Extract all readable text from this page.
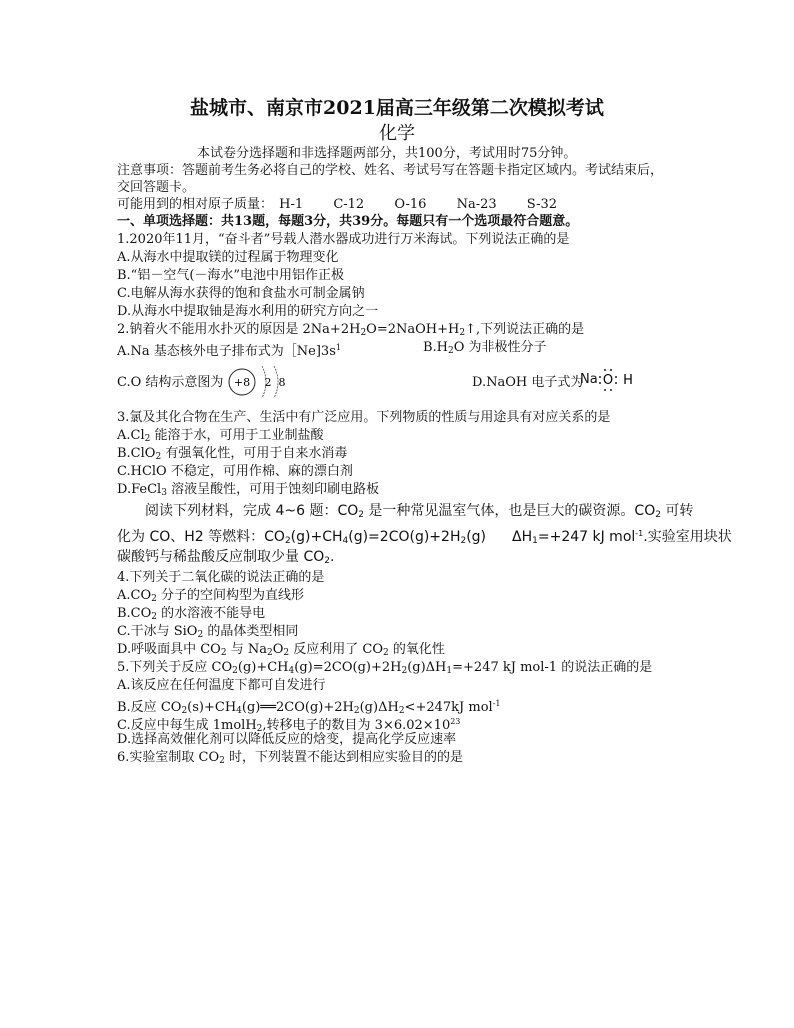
盐城市、南京市2021届高三年级第二次模拟考试
化学
本试卷分选择题和非选择题两部分，共100分，考试用时75分钟。
注意事项：答题前考生务必将自己的学校、姓名、考试号写在答题卡指定区域内。考试结束后，
交回答题卡。
可能用到的相对原子质量： H-1 C-12 O-16 Na-23 S-32
一、单项选择题：共13题，每题3分，共39分。每题只有一个选项最符合题意。
1.2020年11月，“奋斗者”号载人潜水器成功进行万米海试。下列说法正确的是
A.从海水中提取镁的过程属于物理变化
B.“铝－空气(－海水”电池中用铝作正极
C.电解从海水获得的饱和食盐水可制金属钠
D.从海水中提取铀是海水利用的研究方向之一
2.钠着火不能用水扑灭的原因是 $2Na+2H_2O=2NaOH+H_2↑$,下列说法正确的是
A.Na 基态核外电子排布式为$[Ne]3s^1$	$B.H_2O$ 为非极性分子
C.O 结构示意图为 +8 2 8	D.NaOH 电子式为
Na O H
3.氯及其化合物在生产、生活中有广泛应用。下列物质的性质与用途具有对应关系的是
$A.Cl_2$ 能溶于水，可用于工业制盐酸
B.ClO$_2$ 有强氧化性，可用于自来水消毒
C.HClO 不稳定，可用作棉、麻的漂白剂
D.FeCl$_3$ 溶液呈酸性，可用于蚀刻印刷电路板
阅读下列材料，完成 4~6 题：$CO_2$ 是一种常见温室气体，也是巨大的碳资源。$CO_2$ 可转
化为 CO、H2 等燃料：$CO_2(g)+CH_4(g)=2CO(g)+2H_2(g)$ $\Delta H_1=+247$ kJ mol$^{-1}$.实验室用块状
碳酸钙与稀盐酸反应制取少量 $CO_2$.
4.下列关于二氧化碳的说法正确的是
$A.CO_2$ 分子的空间构型为直线形
$B.CO_2$ 的水溶液不能导电
C.干冰与 SiO$_2$ 的晶体类型相同
D.呼吸面具中 $CO_2$ 与 $Na_2O_2$ 反应利用了 $CO_2$ 的氧化性
5.下列关于反应 $CO_2(g)+CH_4(g)=2CO(g)+2H_2(g)\Delta H_1=+247$ kJ mol-1 的说法正确的是
A.该反应在任何温度下都可自发进行
B.反应 $CO_2(s)+CH_4(g)══2CO(g)+2H_2(g)\Delta H_2<+247kJ$ mol$^{-1}$
C.反应中每生成 1molH$_2$,转移电子的数目为 $3\times 6.02\times 10^{23}$
D.选择高效催化剂可以降低反应的焓变，提高化学反应速率
6.实验室制取 $CO_2$ 时，下列装置不能达到相应实验目的的是
